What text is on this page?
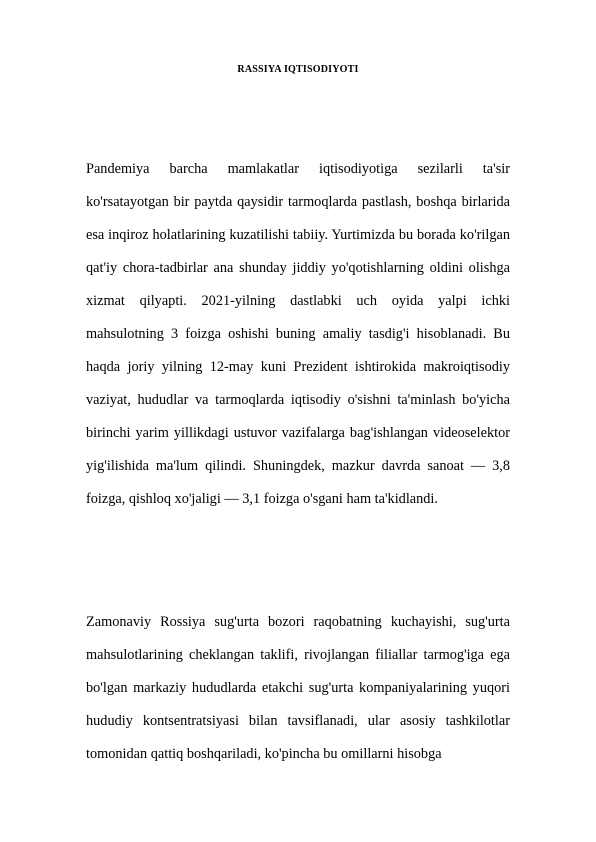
RASSIYA IQTISODIYOTI

Pandemiya barcha mamlakatlar iqtisodiyotiga sezilarli ta'sir ko'rsatayotgan bir paytda qaysidir tarmoqlarda pastlash, boshqa birlarida esa inqiroz holatlarining kuzatilishi tabiiy. Yurtimizda bu borada ko'rilgan qat'iy chora-tadbirlar ana shunday jiddiy yo'qotishlarning oldini olishga xizmat qilyapti. 2021-yilning dastlabki uch oyida yalpi ichki mahsulotning 3 foizga oshishi buning amaliy tasdig'i hisoblanadi. Bu haqda joriy yilning 12-may kuni Prezident ishtirokida makroiqtisodiy vaziyat, hududlar va tarmoqlarda iqtisodiy o'sishni ta'minlash bo'yicha birinchi yarim yillikdagi ustuvor vazifalarga bag'ishlangan videoselektor yig'ilishida ma'lum qilindi. Shuningdek, mazkur davrda sanoat — 3,8 foizga, qishloq xo'jaligi — 3,1 foizga o'sgani ham ta'kidlandi.

Zamonaviy Rossiya sug'urta bozori raqobatning kuchayishi, sug'urta mahsulotlarining cheklangan taklifi, rivojlangan filiallar tarmog'iga ega bo'lgan markaziy hududlarda etakchi sug'urta kompaniyalarining yuqori hududiy kontsentratsiyasi bilan tavsiflanadi, ular asosiy tashkilotlar tomonidan qattiq boshqariladi, ko'pincha bu omillarni hisobga
